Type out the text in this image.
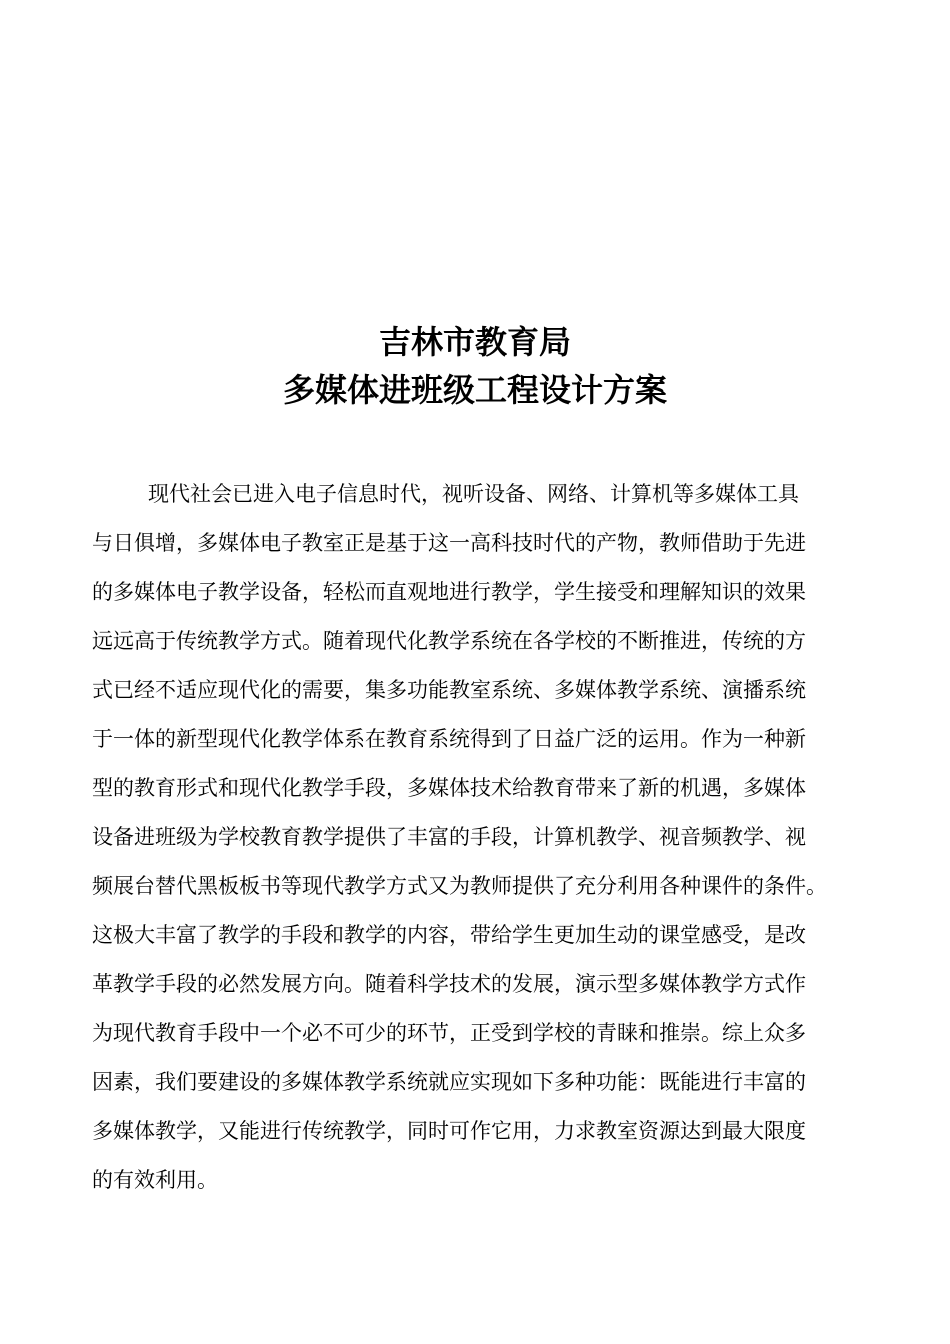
吉林市教育局
多媒体进班级工程设计方案
现代社会已进入电子信息时代，视听设备、网络、计算机等多媒体工具
与日俱增，多媒体电子教室正是基于这一高科技时代的产物，教师借助于先进
的多媒体电子教学设备，轻松而直观地进行教学，学生接受和理解知识的效果
远远高于传统教学方式。随着现代化教学系统在各学校的不断推进，传统的方
式已经不适应现代化的需要，集多功能教室系统、多媒体教学系统、演播系统
于一体的新型现代化教学体系在教育系统得到了日益广泛的运用。作为一种新
型的教育形式和现代化教学手段，多媒体技术给教育带来了新的机遇，多媒体
设备进班级为学校教育教学提供了丰富的手段，计算机教学、视音频教学、视
频展台替代黑板板书等现代教学方式又为教师提供了充分利用各种课件的条件。
这极大丰富了教学的手段和教学的内容，带给学生更加生动的课堂感受，是改
革教学手段的必然发展方向。随着科学技术的发展，演示型多媒体教学方式作
为现代教育手段中一个必不可少的环节，正受到学校的青睐和推崇。综上众多
因素，我们要建设的多媒体教学系统就应实现如下多种功能：既能进行丰富的
多媒体教学，又能进行传统教学，同时可作它用，力求教室资源达到最大限度
的有效利用。
